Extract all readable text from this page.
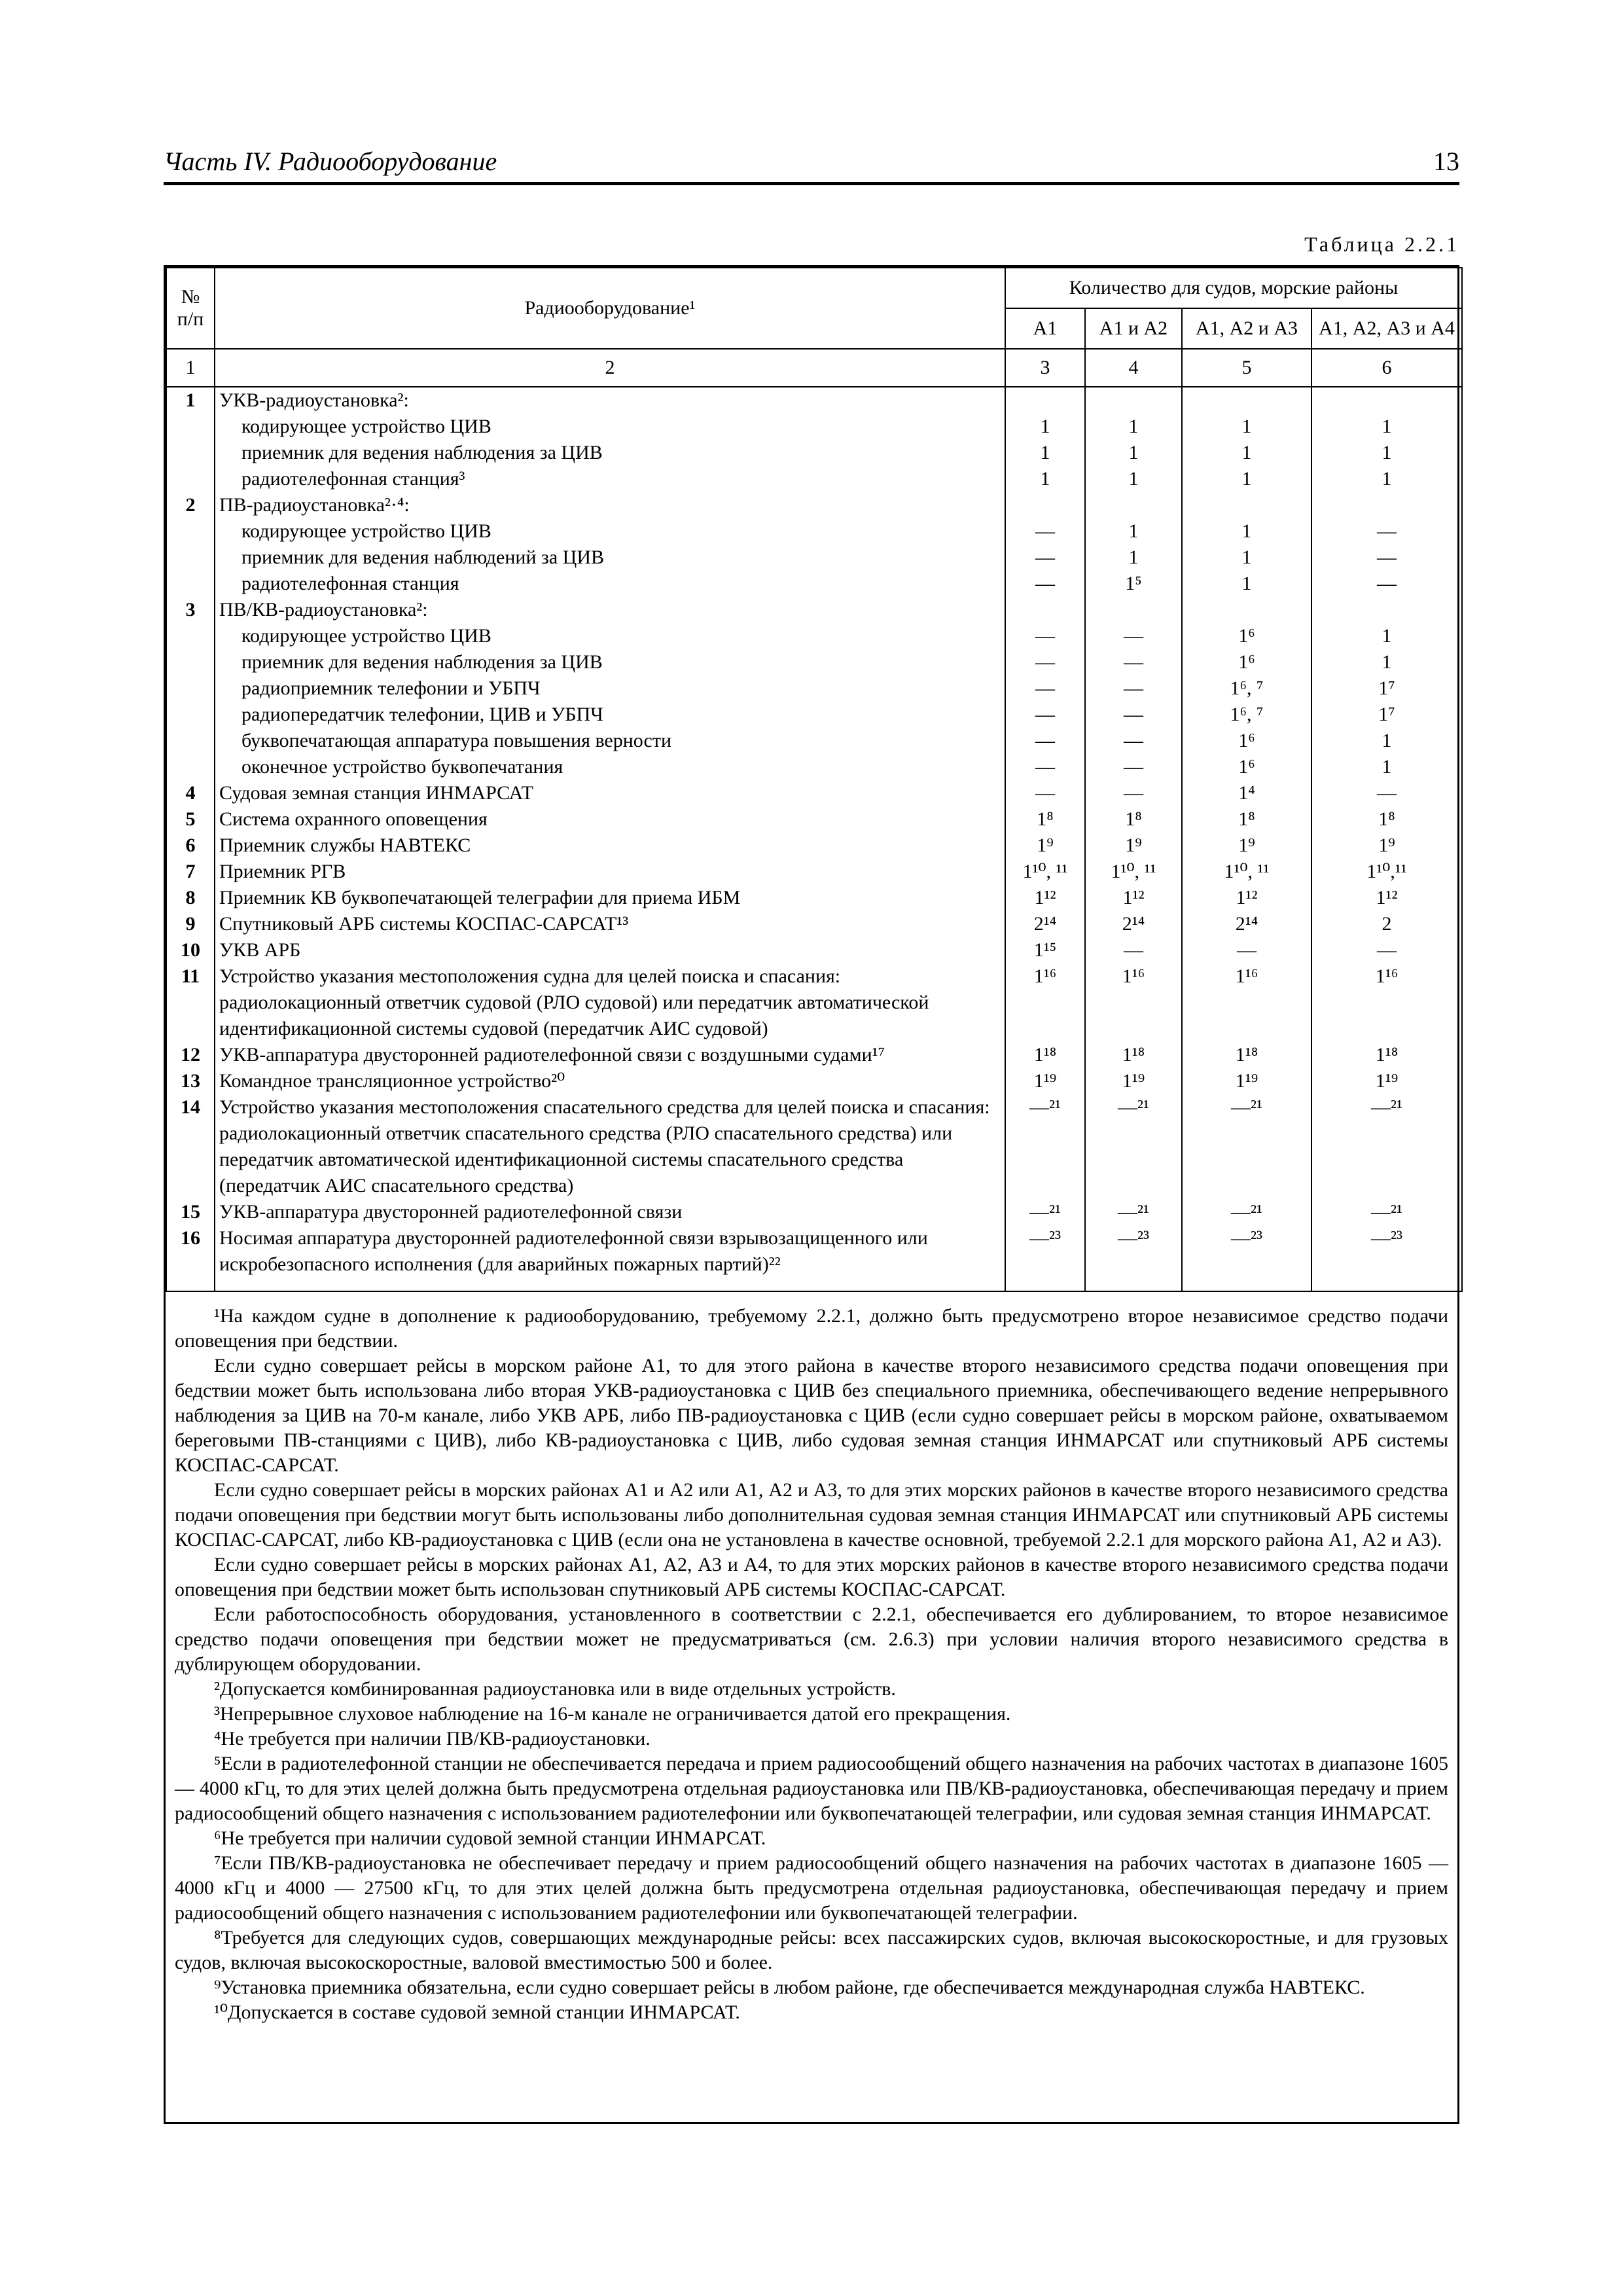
Часть IV. Радиооборудование	13
Таблица 2.2.1
№ п/п	Радиооборудование¹	Количество для судов, морские районы			
		А1	А1 и А2	А1, А2 и А3	А1, А2, А3 и А4
1	2	3	4	5	6
1	УКВ-радиоустановка²:				
	кодирующее устройство ЦИВ	1	1	1	1
	приемник для ведения наблюдения за ЦИВ	1	1	1	1
	радиотелефонная станция³	1	1	1	1
2	ПВ-радиоустановка²·⁴:				
	кодирующее устройство ЦИВ	—	1	1	—
	приемник для ведения наблюдений за ЦИВ	—	1	1	—
	радиотелефонная станция	—	1⁵	1	—
3	ПВ/КВ-радиоустановка²:				
	кодирующее устройство ЦИВ	—	—	1⁶	1
	приемник для ведения наблюдения за ЦИВ	—	—	1⁶	1
	радиоприемник телефонии и УБПЧ	—	—	1⁶, ⁷	1⁷
	радиопередатчик телефонии, ЦИВ и УБПЧ	—	—	1⁶, ⁷	1⁷
	буквопечатающая аппаратура повышения верности	—	—	1⁶	1
	оконечное устройство буквопечатания	—	—	1⁶	1
4	Судовая земная станция ИНМАРСАТ	—	—	1⁴	—
5	Система охранного оповещения	1⁸	1⁸	1⁸	1⁸
6	Приемник службы НАВТЕКС	1⁹	1⁹	1⁹	1⁹
7	Приемник РГВ	1¹⁰, ¹¹	1¹⁰, ¹¹	1¹⁰, ¹¹	1¹⁰,¹¹
8	Приемник КВ буквопечатающей телеграфии для приема ИБМ	1¹²	1¹²	1¹²	1¹²
9	Спутниковый АРБ системы КОСПАС-САРСАТ¹³	2¹⁴	2¹⁴	2¹⁴	2
10	УКВ АРБ	1¹⁵	—	—	—
11	Устройство указания местоположения судна для целей поиска и спасания: радиолокационный ответчик судовой (РЛО судовой) или передатчик автоматической идентификационной системы судовой (передатчик АИС судовой)	1¹⁶	1¹⁶	1¹⁶	1¹⁶
12	УКВ-аппаратура двусторонней радиотелефонной связи с воздушными судами¹⁷	1¹⁸	1¹⁸	1¹⁸	1¹⁸
13	Командное трансляционное устройство²⁰	1¹⁹	1¹⁹	1¹⁹	1¹⁹
14	Устройство указания местоположения спасательного средства для целей поиска и спасания: радиолокационный ответчик спасательного средства (РЛО спасательного средства) или передатчик автоматической идентификационной системы спасательного средства (передатчик АИС спасательного средства)	—²¹	—²¹	—²¹	—²¹
15	УКВ-аппаратура двусторонней радиотелефонной связи	—²¹	—²¹	—²¹	—²¹
16	Носимая аппаратура двусторонней радиотелефонной связи взрывозащищенного или искробезопасного исполнения (для аварийных пожарных партий)²²	—²³	—²³	—²³	—²³

¹На каждом судне в дополнение к радиооборудованию, требуемому 2.2.1, должно быть предусмотрено второе независимое средство подачи оповещения при бедствии.

Если судно совершает рейсы в морском районе А1, то для этого района в качестве второго независимого средства подачи оповещения при бедствии может быть использована либо вторая УКВ-радиоустановка с ЦИВ без специального приемника, обеспечивающего ведение непрерывного наблюдения за ЦИВ на 70-м канале, либо УКВ АРБ, либо ПВ-радиоустановка с ЦИВ (если судно совершает рейсы в морском районе, охватываемом береговыми ПВ-станциями с ЦИВ), либо КВ-радиоустановка с ЦИВ, либо судовая земная станция ИНМАРСАТ или спутниковый АРБ системы КОСПАС-САРСАТ.

Если судно совершает рейсы в морских районах А1 и А2 или А1, А2 и А3, то для этих морских районов в качестве второго независимого средства подачи оповещения при бедствии могут быть использованы либо дополнительная судовая земная станция ИНМАРСАТ или спутниковый АРБ системы КОСПАС-САРСАТ, либо КВ-радиоустановка с ЦИВ (если она не установлена в качестве основной, требуемой 2.2.1 для морского района А1, А2 и А3).

Если судно совершает рейсы в морских районах А1, А2, А3 и А4, то для этих морских районов в качестве второго независимого средства подачи оповещения при бедствии может быть использован спутниковый АРБ системы КОСПАС-САРСАТ.

Если работоспособность оборудования, установленного в соответствии с 2.2.1, обеспечивается его дублированием, то второе независимое средство подачи оповещения при бедствии может не предусматриваться (см. 2.6.3) при условии наличия второго независимого средства в дублирующем оборудовании.

²Допускается комбинированная радиоустановка или в виде отдельных устройств.

³Непрерывное слуховое наблюдение на 16-м канале не ограничивается датой его прекращения.

⁴Не требуется при наличии ПВ/КВ-радиоустановки.

⁵Если в радиотелефонной станции не обеспечивается передача и прием радиосообщений общего назначения на рабочих частотах в диапазоне 1605 — 4000 кГц, то для этих целей должна быть предусмотрена отдельная радиоустановка или ПВ/КВ-радиоустановка, обеспечивающая передачу и прием радиосообщений общего назначения с использованием радиотелефонии или буквопечатающей телеграфии, или судовая земная станция ИНМАРСАТ.

⁶Не требуется при наличии судовой земной станции ИНМАРСАТ.

⁷Если ПВ/КВ-радиоустановка не обеспечивает передачу и прием радиосообщений общего назначения на рабочих частотах в диапазоне 1605 — 4000 кГц и 4000 — 27500 кГц, то для этих целей должна быть предусмотрена отдельная радиоустановка, обеспечивающая передачу и прием радиосообщений общего назначения с использованием радиотелефонии или буквопечатающей телеграфии.

⁸Требуется для следующих судов, совершающих международные рейсы: всех пассажирских судов, включая высокоскоростные, и для грузовых судов, включая высокоскоростные, валовой вместимостью 500 и более.

⁹Установка приемника обязательна, если судно совершает рейсы в любом районе, где обеспечивается международная служба НАВТЕКС.

¹⁰Допускается в составе судовой земной станции ИНМАРСАТ.
